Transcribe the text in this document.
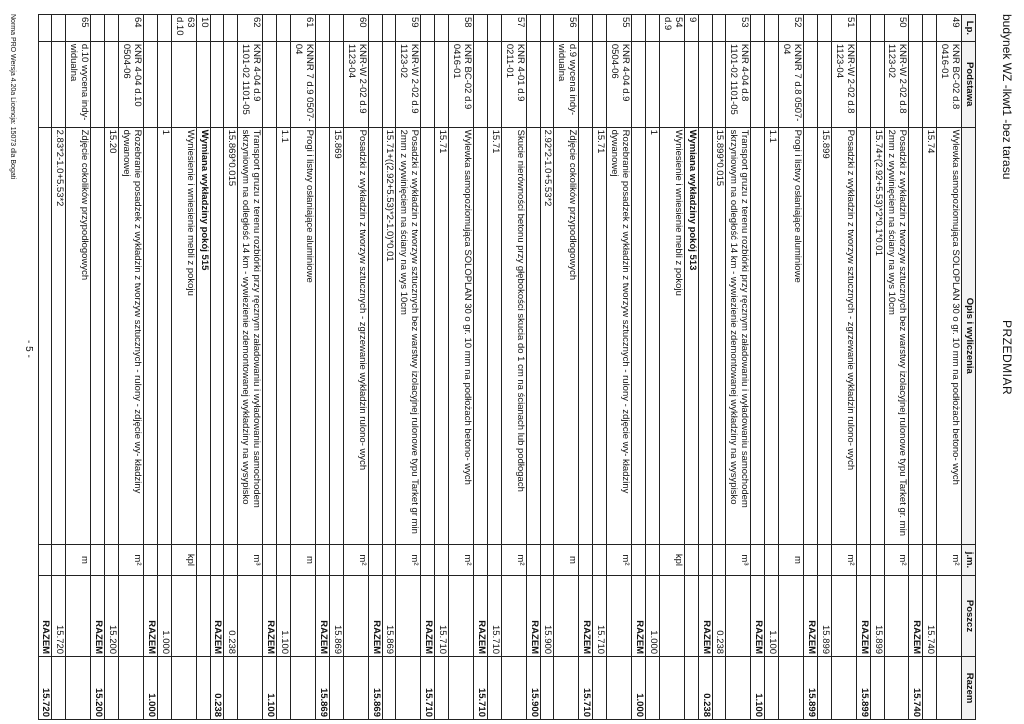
budynek WZ -lkwt1 -bez tarasu
PRZEDMIAR
Lp.	Podstawa	Opis i wyliczenia	j.m.	Poszcz	Razem
49	KNR BC-02 d.8 0416-01	Wylewka samopoziomująca SOLOPLAN 30 o gr. 10 mm na podłożach betono- wych	m²		
		15.74		15.740	
				RAZEM	15.740
50	KNR-W 2-02 d.8 1123-02	Posadzki z wykładzin z tworzyw sztucznych bez warstwy izolacyjnej rulonowe typu Tarket gr. min 2mm z wywinięciem na ściany na wys 10cm	m²		
		15.74+(2.92+5.53)*2*0.1*0.01		15.899	
				RAZEM	15.899
51	KNR-W 2-02 d.8 1123-04	Posadzki z wykładzin z tworzyw sztucznych - zgrzewanie wykładzin rulono- wych	m²		
		15.899		15.899	
				RAZEM	15.899
52	KNNR 7 d.8 0507-04	Progi i listwy osłaniające aluminiowe	m		
		1.1		1.100	
				RAZEM	1.100
53	KNR 4-04 d.8 1101-02 1101-05	Transport gruzu z terenu rozbiórki przy ręcznym załadowaniu i wyładowaniu samochodem skrzyniowym na odległość 14 km - wywiezienie zdemontowanej wykładziny na wysypisko	m³		
		15.899*0.015		0.238	
				RAZEM	0.238
9		Wymiana wykładziny pokój 513			
54 d.9		Wyniesienie i wniesienie mebli z pokoju	kpl		
		1		1.000	
				RAZEM	1.000
55	KNR 4-04 d.9 0504-06	Rozebranie posadzek z wykładzin z tworzyw sztucznych - rulony - zdjęcie wy- kładziny dywanowej	m²		
		15.71		15.710	
				RAZEM	15.710
56	d.9 wycena indy- widualna	Zdjęcie cokolików przypodłogowych	m		
		2.92*2-1.0+5.53*2		15.900	
				RAZEM	15.900
57	KNR 4-01 d.9 0211-01	Skucie nierówności betonu przy głębokości skucia do 1 cm na ścianach lub podłogach	m²		
		15.71		15.710	
				RAZEM	15.710
58	KNR BC-02 d.9 0416-01	Wylewka samopoziomująca SOLOPLAN 30 o gr. 10 mm na podłożach betono- wych	m²		
		15.71		15.710	
				RAZEM	15.710
59	KNR-W 2-02 d.9 1123-02	Posadzki z wykładzin z tworzyw sztucznych bez warstwy izolacyjnej rulonowe typu Tarket gr min 2mm z wywinięciem na ściany na wys 10cm	m²		
		15.71+((2.92+5.53)*2-1.0)*0.01		15.869	
				RAZEM	15.869
60	KNR-W 2-02 d.9 1123-04	Posadzki z wykładzin z tworzyw sztucznych - zgrzewanie wykładzin rulono- wych	m²		
		15.869		15.869	
				RAZEM	15.869
61	KNNR 7 d.9 0507-04	Progi i listwy osłaniające aluminiowe	m		
		1.1		1.100	
				RAZEM	1.100
62	KNR 4-04 d.9 1101-02 1101-05	Transport gruzu z terenu rozbiórki przy ręcznym załadowaniu i wyładowaniu samochodem skrzyniowym na odległość 14 km - wywiezienie zdemontowanej wykładziny na wysypisko	m³		
		15.869*0.015		0.238	
				RAZEM	0.238
10		Wymiana wykładziny pokój 515			
63 d.10		Wyniesienie i wniesienie mebli z pokoju	kpl		
		1		1.000	
				RAZEM	1.000
64	KNR 4-04 d.10 0504-06	Rozebranie posadzek z wykładzin z tworzyw sztucznych - rulony - zdjęcie wy- kładziny dywanowej	m²		
		15.20		15.200	
				RAZEM	15.200
65	d.10 wycena indy- widualna	Zdjęcie cokolików przypodłogowych	m		
		2.83*2-1.0+5.53*2		15.720	
				RAZEM	15.720
- 5 -
Norma PRO Wersja 4.20a Licencja: 15073 dla Bogati
